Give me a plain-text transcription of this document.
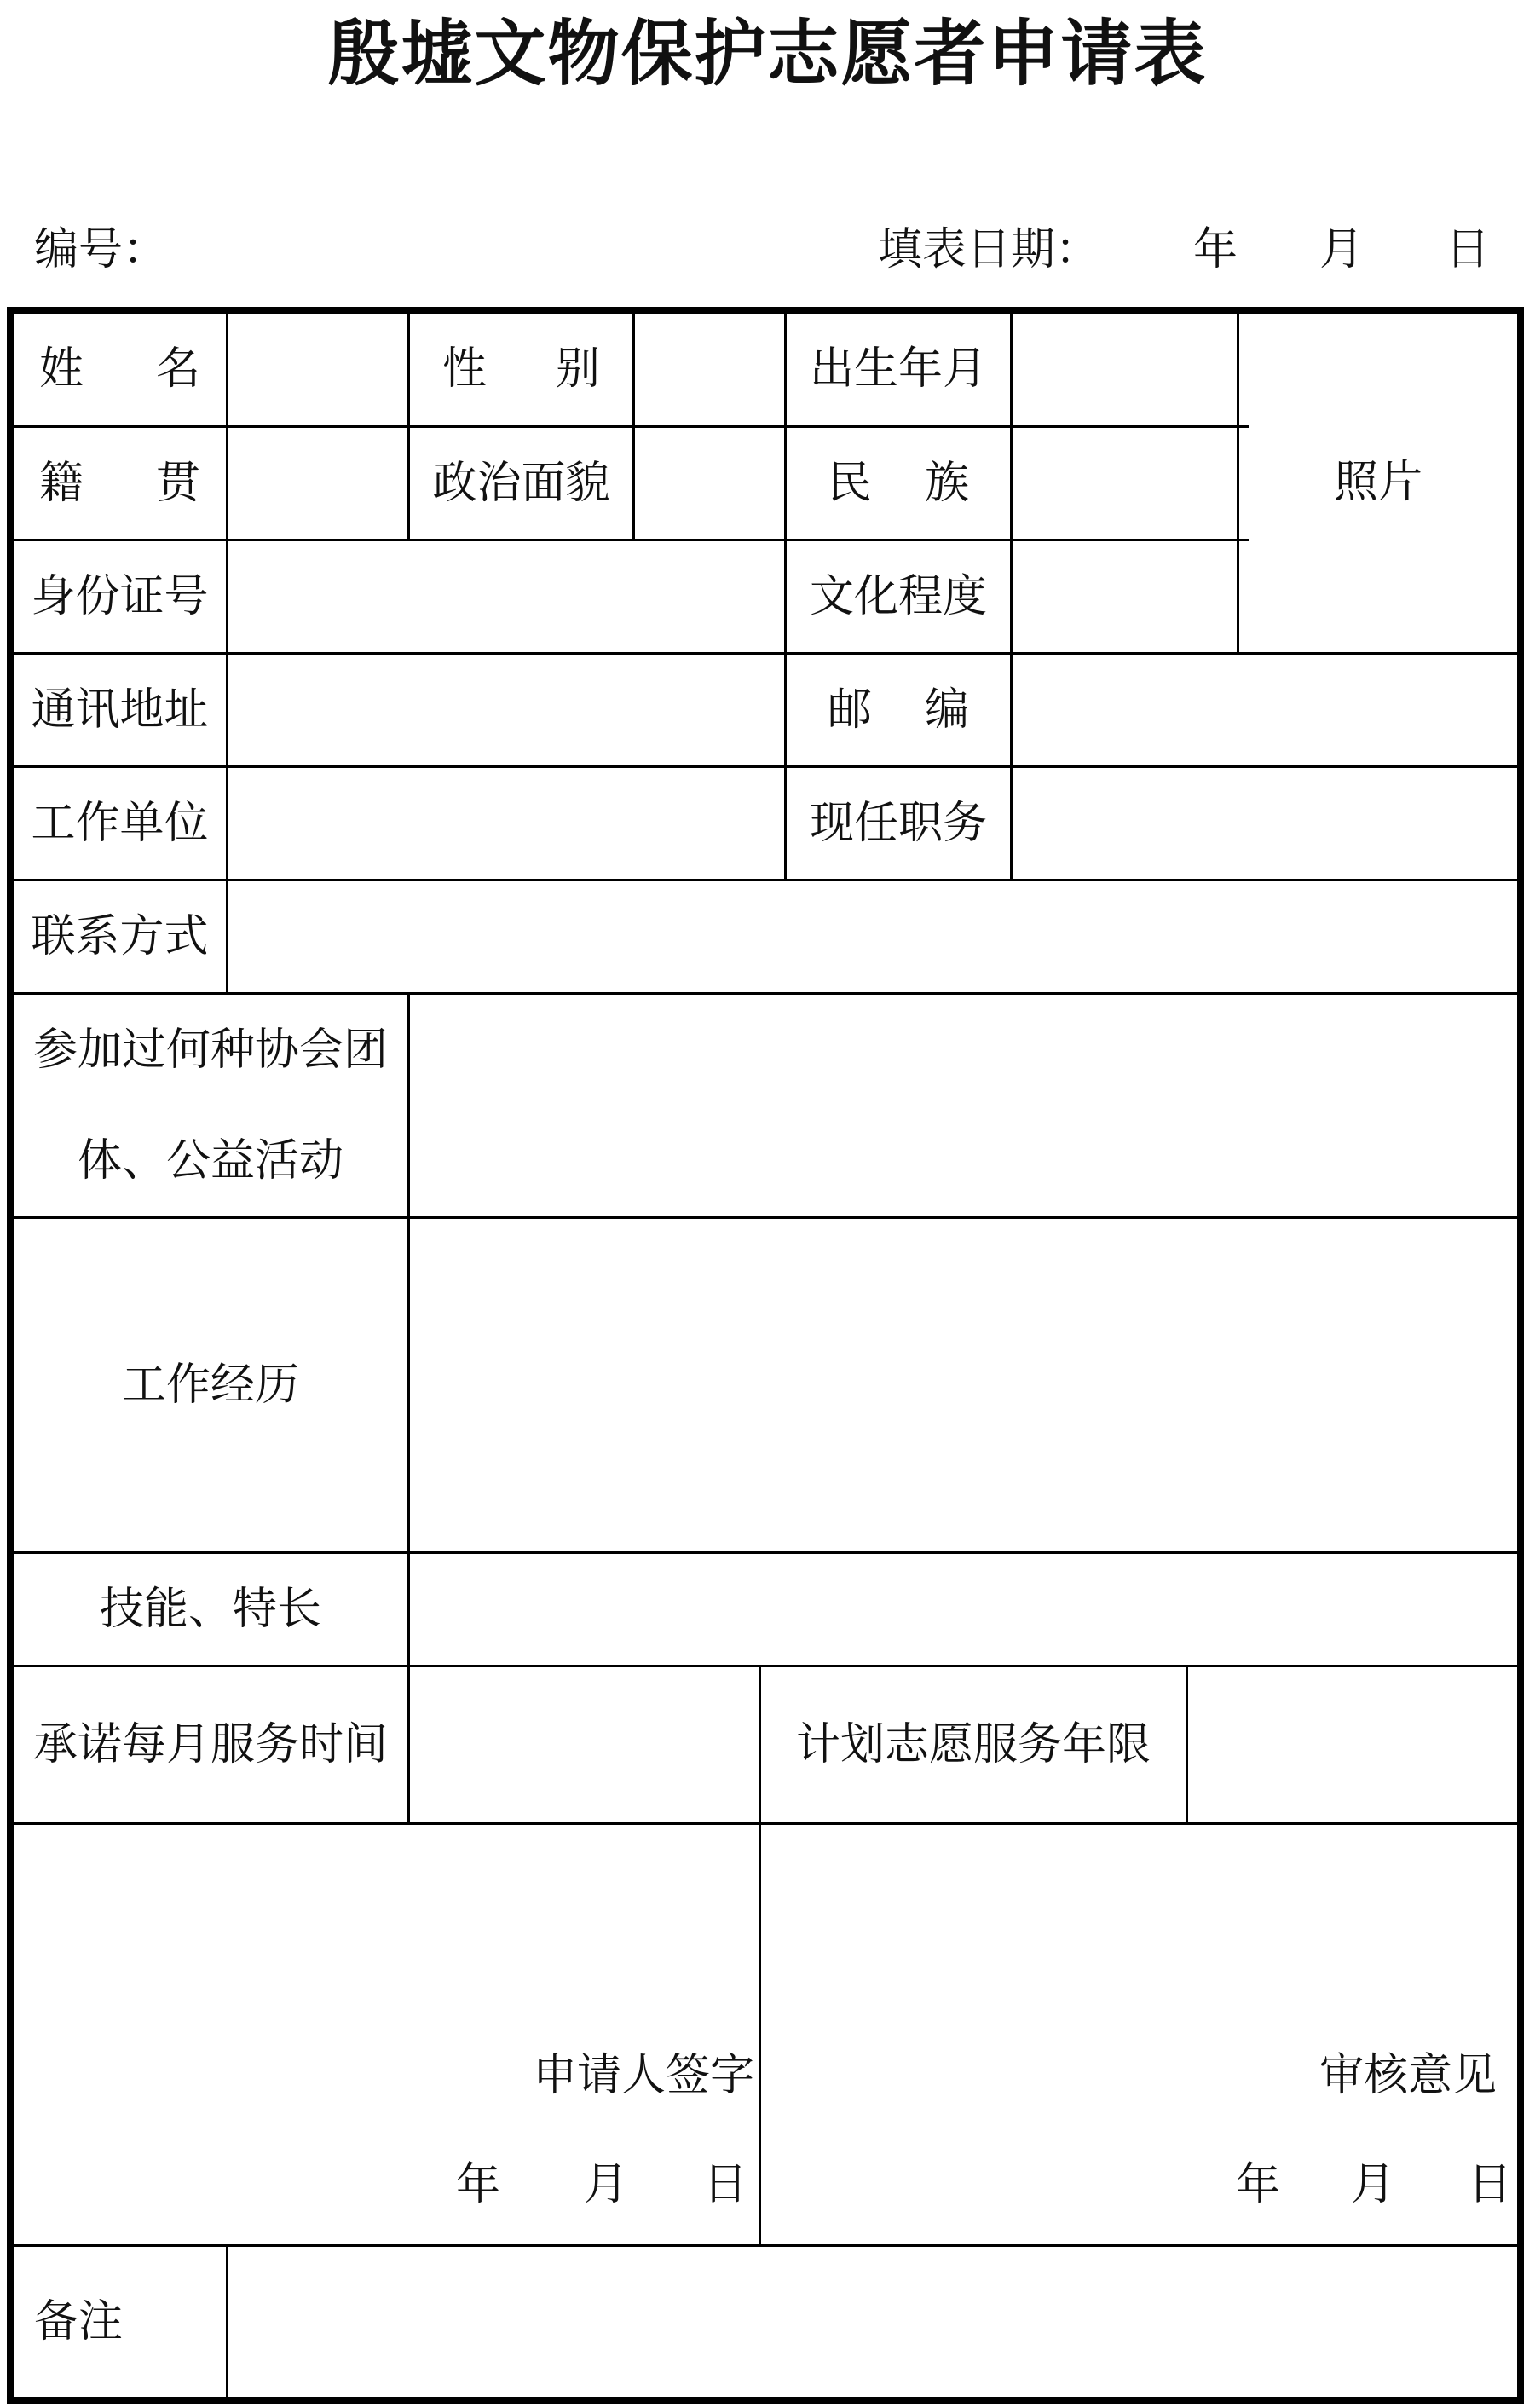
殷墟文物保护志愿者申请表
编号：	填表日期： 年 月 日
姓 名	性 别	出生年月
照片
籍 贯	政治面貌	民 族
身份证号	文化程度
通讯地址	邮 编
工作单位	现任职务
联系方式
参加过何种协会团
体、公益活动
工作经历
技能、特长
承诺每月服务时间	计划志愿服务年限
申请人签字
年 月 日
审核意见
年 月 日
备注
